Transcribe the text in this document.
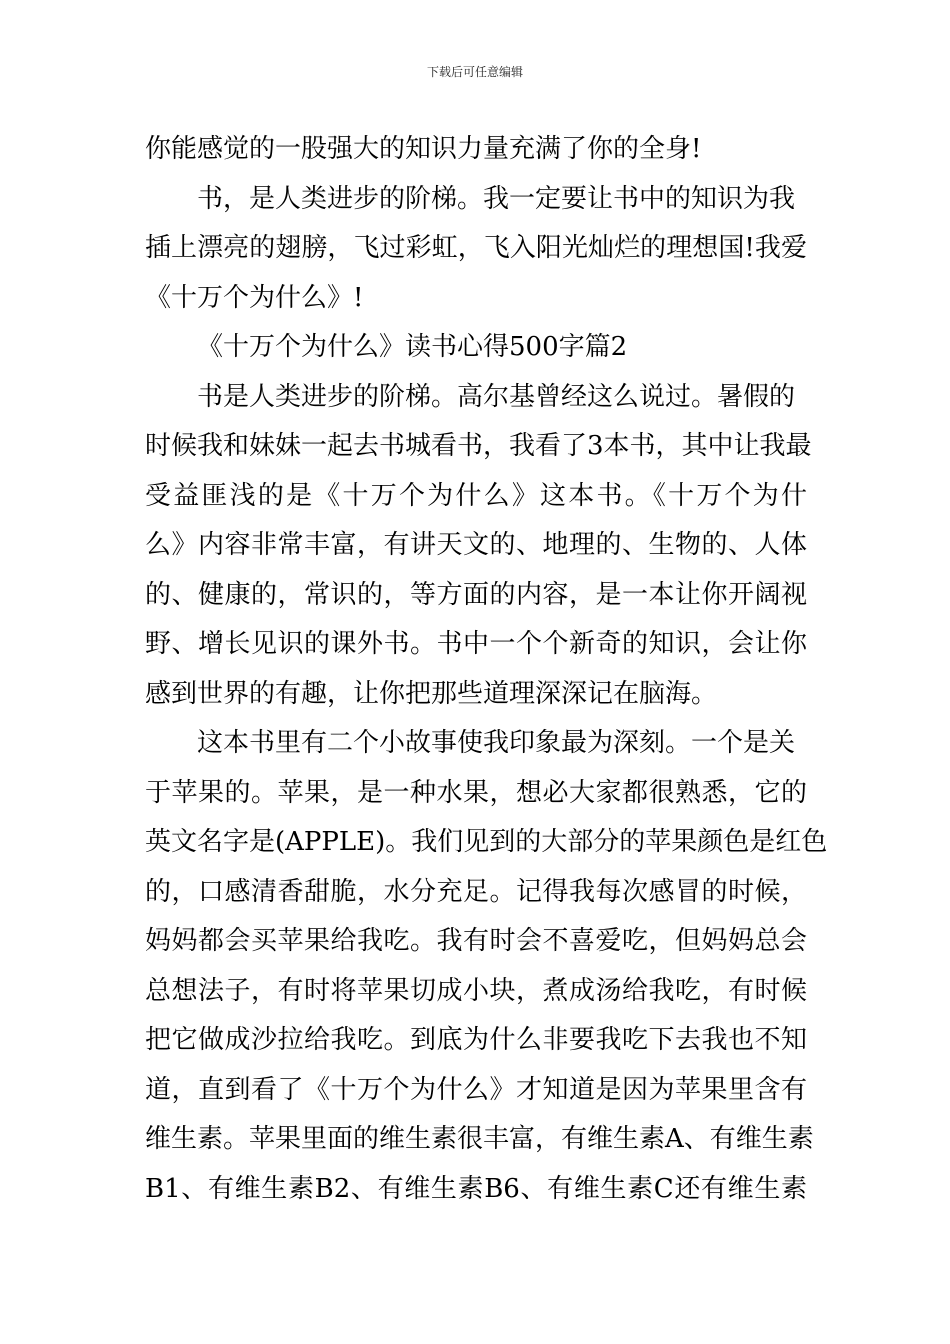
下载后可任意编辑
你能感觉的一股强大的知识力量充满了你的全身!
书，是人类进步的阶梯。我一定要让书中的知识为我
插上漂亮的翅膀，飞过彩虹，飞入阳光灿烂的理想国!我爱
《十万个为什么》!
《十万个为什么》读书心得500字篇2
书是人类进步的阶梯。高尔基曾经这么说过。暑假的
时候我和妹妹一起去书城看书，我看了3本书，其中让我最
受益匪浅的是《十万个为什么》这本书。《十万个为什
么》内容非常丰富，有讲天文的、地理的、生物的、人体
的、健康的，常识的，等方面的内容，是一本让你开阔视
野、增长见识的课外书。书中一个个新奇的知识，会让你
感到世界的有趣，让你把那些道理深深记在脑海。
这本书里有二个小故事使我印象最为深刻。一个是关
于苹果的。苹果，是一种水果，想必大家都很熟悉，它的
英文名字是(APPLE)。我们见到的大部分的苹果颜色是红色
的，口感清香甜脆，水分充足。记得我每次感冒的时候，
妈妈都会买苹果给我吃。我有时会不喜爱吃，但妈妈总会
总想法子，有时将苹果切成小块，煮成汤给我吃，有时候
把它做成沙拉给我吃。到底为什么非要我吃下去我也不知
道，直到看了《十万个为什么》才知道是因为苹果里含有
维生素。苹果里面的维生素很丰富，有维生素A、有维生素
B1、有维生素B2、有维生素B6、有维生素C还有维生素
